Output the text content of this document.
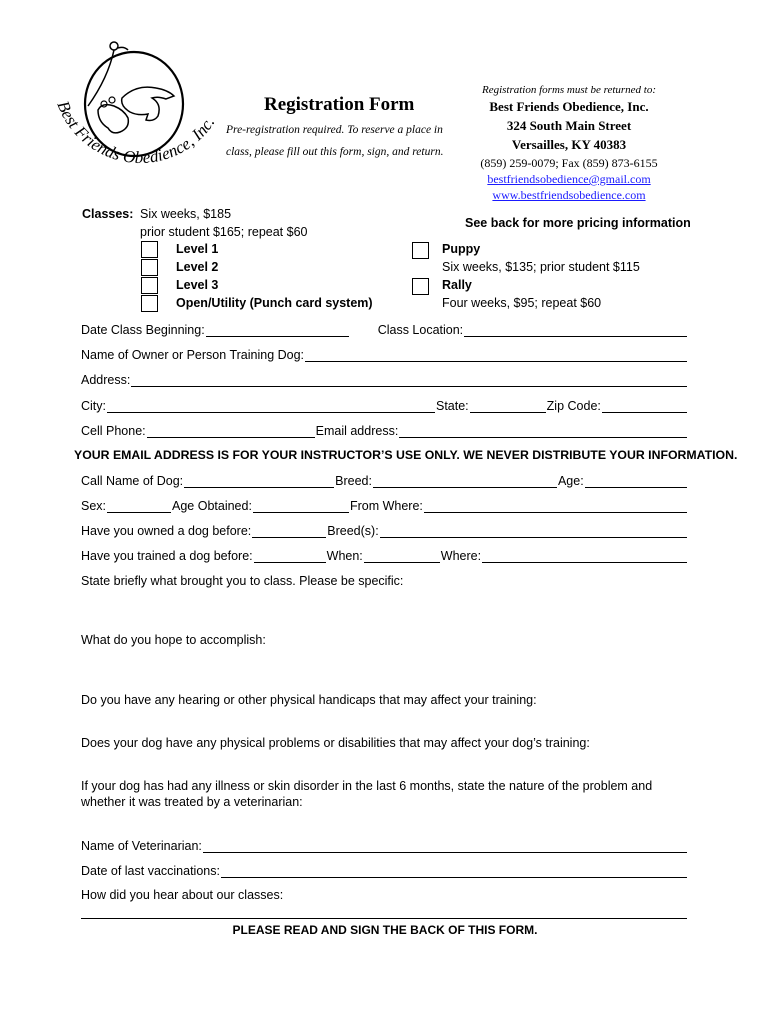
Best Friends Obedience, Inc.
Registration Form
Pre-registration required. To reserve a place in
class, please fill out this form, sign, and return.
Registration forms must be returned to:
Best Friends Obedience, Inc.
324 South Main Street
Versailles, KY 40383
(859) 259-0079; Fax (859) 873-6155
bestfriendsobedience@gmail.com
www.bestfriendsobedience.com
Classes: Six weeks, $185
prior student $165; repeat $60
See back for more pricing information
Level 1
Level 2
Level 3
Open/Utility (Punch card system)
Puppy
Six weeks, $135; prior student $115
Rally
Four weeks, $95; repeat $60
Date Class Beginning:	Class Location:
Name of Owner or Person Training Dog:
Address:
City:	State:	Zip Code:
Cell Phone:	Email address:
YOUR EMAIL ADDRESS IS FOR YOUR INSTRUCTOR’S USE ONLY. WE NEVER DISTRIBUTE YOUR INFORMATION.
Call Name of Dog:	Breed:	Age:
Sex:	Age Obtained:	From Where:
Have you owned a dog before:	Breed(s):
Have you trained a dog before:	When:	Where:
State briefly what brought you to class. Please be specific:
What do you hope to accomplish:
Do you have any hearing or other physical handicaps that may affect your training:
Does your dog have any physical problems or disabilities that may affect your dog’s training:
If your dog has had any illness or skin disorder in the last 6 months, state the nature of the problem and
whether it was treated by a veterinarian:
Name of Veterinarian:
Date of last vaccinations:
How did you hear about our classes:
PLEASE READ AND SIGN THE BACK OF THIS FORM.
